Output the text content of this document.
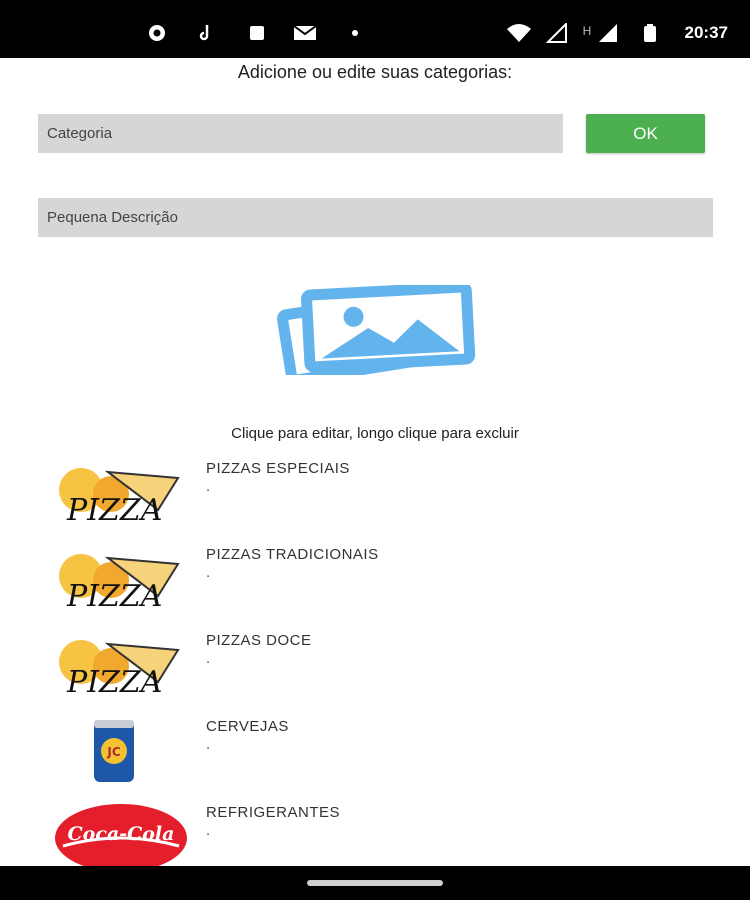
H	20:37
Adicione ou edite suas categorias:
Categoria	OK
Pequena Descrição
Clique para editar, longo clique para excluir
PIZZA
PIZZAS ESPECIAIS
.
PIZZA
PIZZAS TRADICIONAIS
.
PIZZA
PIZZAS DOCE
.
JC
CERVEJAS
.
Coca-Cola
REFRIGERANTES
.
